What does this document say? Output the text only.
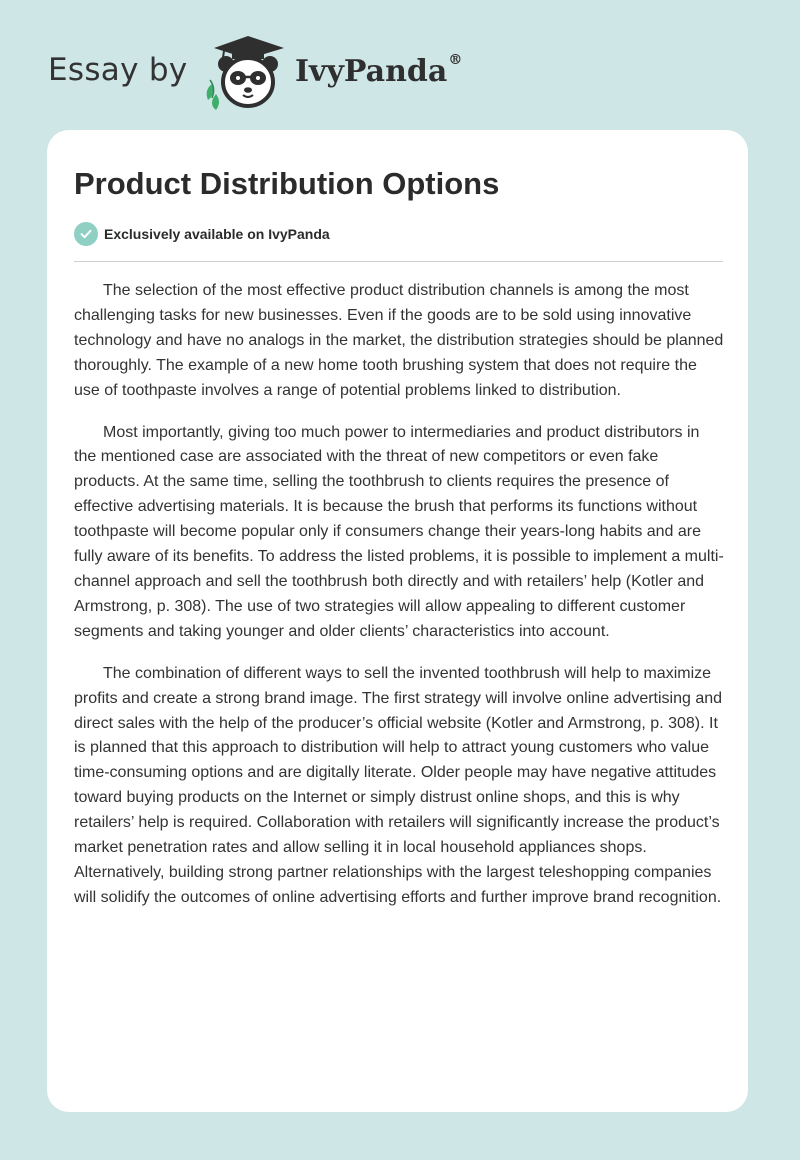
Essay by	IvyPanda®
Product Distribution Options
Exclusively available on IvyPanda

The selection of the most effective product distribution channels is among the most challenging tasks for new businesses. Even if the goods are to be sold using innovative technology and have no analogs in the market, the distribution strategies should be planned thoroughly. The example of a new home tooth brushing system that does not require the use of toothpaste involves a range of potential problems linked to distribution.

Most importantly, giving too much power to intermediaries and product distributors in the mentioned case are associated with the threat of new competitors or even fake products. At the same time, selling the toothbrush to clients requires the presence of effective advertising materials. It is because the brush that performs its functions without toothpaste will become popular only if consumers change their years-long habits and are fully aware of its benefits. To address the listed problems, it is possible to implement a multi-channel approach and sell the toothbrush both directly and with retailers’ help (Kotler and Armstrong, p. 308). The use of two strategies will allow appealing to different customer segments and taking younger and older clients’ characteristics into account.

The combination of different ways to sell the invented toothbrush will help to maximize profits and create a strong brand image. The first strategy will involve online advertising and direct sales with the help of the producer’s official website (Kotler and Armstrong, p. 308). It is planned that this approach to distribution will help to attract young customers who value time-consuming options and are digitally literate. Older people may have negative attitudes toward buying products on the Internet or simply distrust online shops, and this is why retailers’ help is required. Collaboration with retailers will significantly increase the product’s market penetration rates and allow selling it in local household appliances shops. Alternatively, building strong partner relationships with the largest teleshopping companies will solidify the outcomes of online advertising efforts and further improve brand recognition.
